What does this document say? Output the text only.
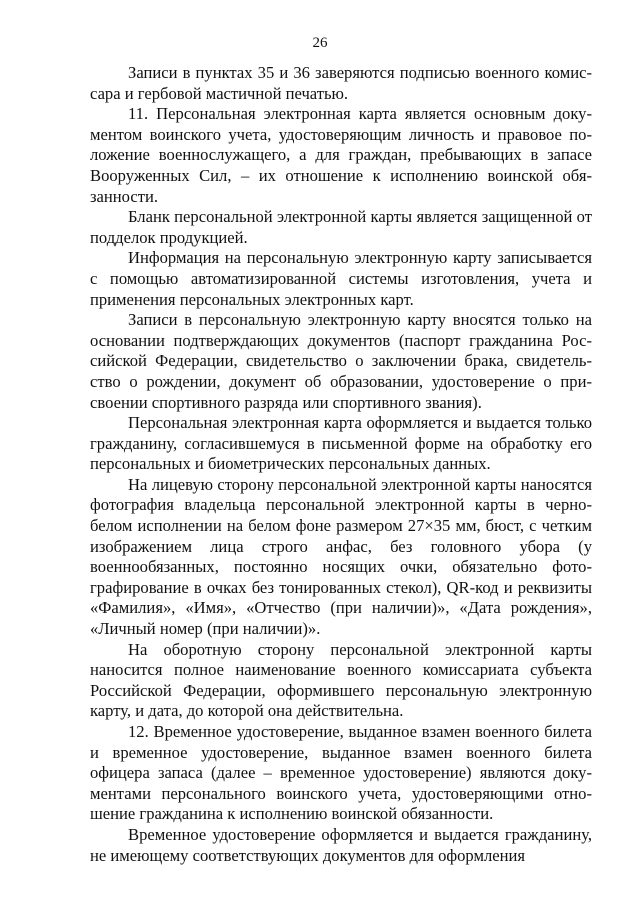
26

Записи в пунктах 35 и 36 заверяются подписью военного комиссара и гербовой мастичной печатью.

11. Персональная электронная карта является основным документом воинского учета, удостоверяющим личность и правовое положение военнослужащего, а для граждан, пребывающих в запасе Вооруженных Сил, – их отношение к исполнению воинской обязанности.

Бланк персональной электронной карты является защищенной от подделок продукцией.

Информация на персональную электронную карту записывается с помощью автоматизированной системы изготовления, учета и применения персональных электронных карт.

Записи в персональную электронную карту вносятся только на основании подтверждающих документов (паспорт гражданина Российской Федерации, свидетельство о заключении брака, свидетельство о рождении, документ об образовании, удостоверение о присвоении спортивного разряда или спортивного звания).

Персональная электронная карта оформляется и выдается только гражданину, согласившемуся в письменной форме на обработку его персональных и биометрических персональных данных.

На лицевую сторону персональной электронной карты наносятся фотография владельца персональной электронной карты в черно-белом исполнении на белом фоне размером 27×35 мм, бюст, с четким изображением лица строго анфас, без головного убора (у военнообязанных, постоянно носящих очки, обязательно фотографирование в очках без тонированных стекол), QR-код и реквизиты «Фамилия», «Имя», «Отчество (при наличии)», «Дата рождения», «Личный номер (при наличии)».

На оборотную сторону персональной электронной карты наносится полное наименование военного комиссариата субъекта Российской Федерации, оформившего персональную электронную карту, и дата, до которой она действительна.

12. Временное удостоверение, выданное взамен военного билета и временное удостоверение, выданное взамен военного билета офицера запаса (далее – временное удостоверение) являются документами персонального воинского учета, удостоверяющими отношение гражданина к исполнению воинской обязанности.

Временное удостоверение оформляется и выдается гражданину, не имеющему соответствующих документов для оформления
